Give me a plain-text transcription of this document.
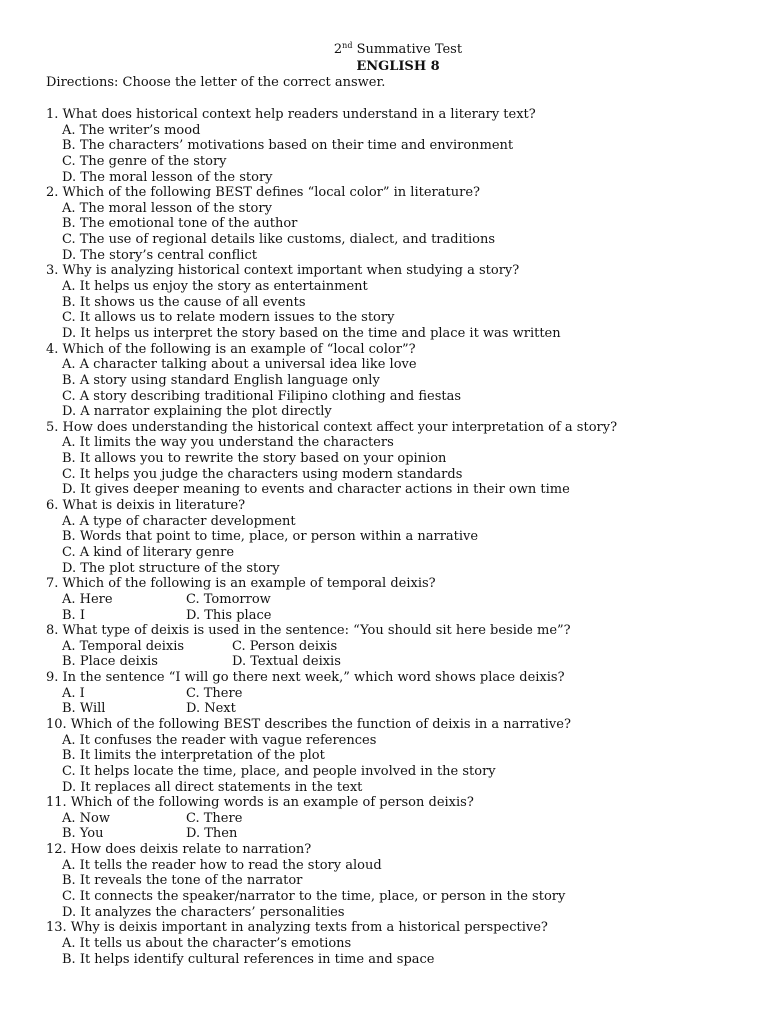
2nd Summative Test
ENGLISH 8
Directions: Choose the letter of the correct answer.
1. What does historical context help readers understand in a literary text?
A. The writer’s mood
B. The characters’ motivations based on their time and environment
C. The genre of the story
D. The moral lesson of the story
2. Which of the following BEST defines “local color” in literature?
A. The moral lesson of the story
B. The emotional tone of the author
C. The use of regional details like customs, dialect, and traditions
D. The story’s central conflict
3. Why is analyzing historical context important when studying a story?
A. It helps us enjoy the story as entertainment
B. It shows us the cause of all events
C. It allows us to relate modern issues to the story
D. It helps us interpret the story based on the time and place it was written
4. Which of the following is an example of “local color”?
A. A character talking about a universal idea like love
B. A story using standard English language only
C. A story describing traditional Filipino clothing and fiestas
D. A narrator explaining the plot directly
5. How does understanding the historical context affect your interpretation of a story?
A. It limits the way you understand the characters
B. It allows you to rewrite the story based on your opinion
C. It helps you judge the characters using modern standards
D. It gives deeper meaning to events and character actions in their own time
6. What is deixis in literature?
A. A type of character development
B. Words that point to time, place, or person within a narrative
C. A kind of literary genre
D. The plot structure of the story
7. Which of the following is an example of temporal deixis?
A. Here	C. Tomorrow
B. I	D. This place
8. What type of deixis is used in the sentence: “You should sit here beside me”?
A. Temporal deixis	C. Person deixis
B. Place deixis	D. Textual deixis
9. In the sentence “I will go there next week,” which word shows place deixis?
A. I	C. There
B. Will	D. Next
10. Which of the following BEST describes the function of deixis in a narrative?
A. It confuses the reader with vague references
B. It limits the interpretation of the plot
C. It helps locate the time, place, and people involved in the story
D. It replaces all direct statements in the text
11. Which of the following words is an example of person deixis?
A. Now	C. There
B. You	D. Then
12. How does deixis relate to narration?
A. It tells the reader how to read the story aloud
B. It reveals the tone of the narrator
C. It connects the speaker/narrator to the time, place, or person in the story
D. It analyzes the characters’ personalities
13. Why is deixis important in analyzing texts from a historical perspective?
A. It tells us about the character’s emotions
B. It helps identify cultural references in time and space
